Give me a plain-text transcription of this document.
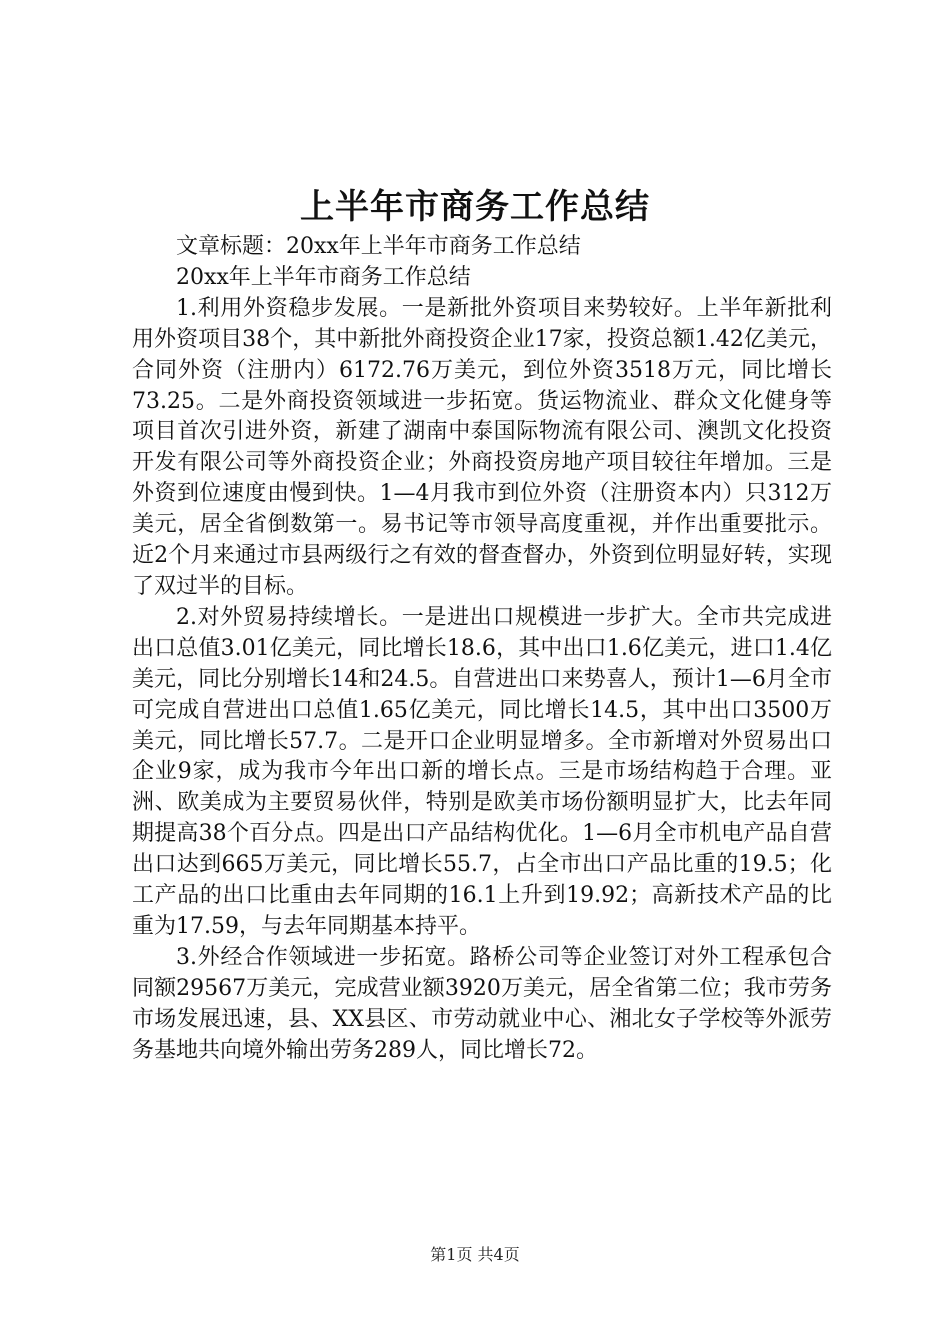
上半年市商务工作总结

文章标题：20xx年上半年市商务工作总结

20xx年上半年市商务工作总结

1.利用外资稳步发展。一是新批外资项目来势较好。上半年新批利用外资项目38个，其中新批外商投资企业17家，投资总额1.42亿美元，合同外资（注册内）6172.76万美元，到位外资3518万元，同比增长73.25。二是外商投资领域进一步拓宽。货运物流业、群众文化健身等项目首次引进外资，新建了湖南中泰国际物流有限公司、澳凯文化投资开发有限公司等外商投资企业；外商投资房地产项目较往年增加。三是外资到位速度由慢到快。1—4月我市到位外资（注册资本内）只312万美元，居全省倒数第一。易书记等市领导高度重视，并作出重要批示。近2个月来通过市县两级行之有效的督查督办，外资到位明显好转，实现了双过半的目标。

2.对外贸易持续增长。一是进出口规模进一步扩大。全市共完成进出口总值3.01亿美元，同比增长18.6，其中出口1.6亿美元，进口1.4亿美元，同比分别增长14和24.5。自营进出口来势喜人，预计1—6月全市可完成自营进出口总值1.65亿美元，同比增长14.5，其中出口3500万美元，同比增长57.7。二是开口企业明显增多。全市新增对外贸易出口企业9家，成为我市今年出口新的增长点。三是市场结构趋于合理。亚洲、欧美成为主要贸易伙伴，特别是欧美市场份额明显扩大，比去年同期提高38个百分点。四是出口产品结构优化。1—6月全市机电产品自营出口达到665万美元，同比增长55.7，占全市出口产品比重的19.5；化工产品的出口比重由去年同期的16.1上升到19.92；高新技术产品的比重为17.59，与去年同期基本持平。

3.外经合作领域进一步拓宽。路桥公司等企业签订对外工程承包合同额29567万美元，完成营业额3920万美元，居全省第二位；我市劳务市场发展迅速，县、XX县区、市劳动就业中心、湘北女子学校等外派劳务基地共向境外输出劳务289人，同比增长72。

第1页 共4页
